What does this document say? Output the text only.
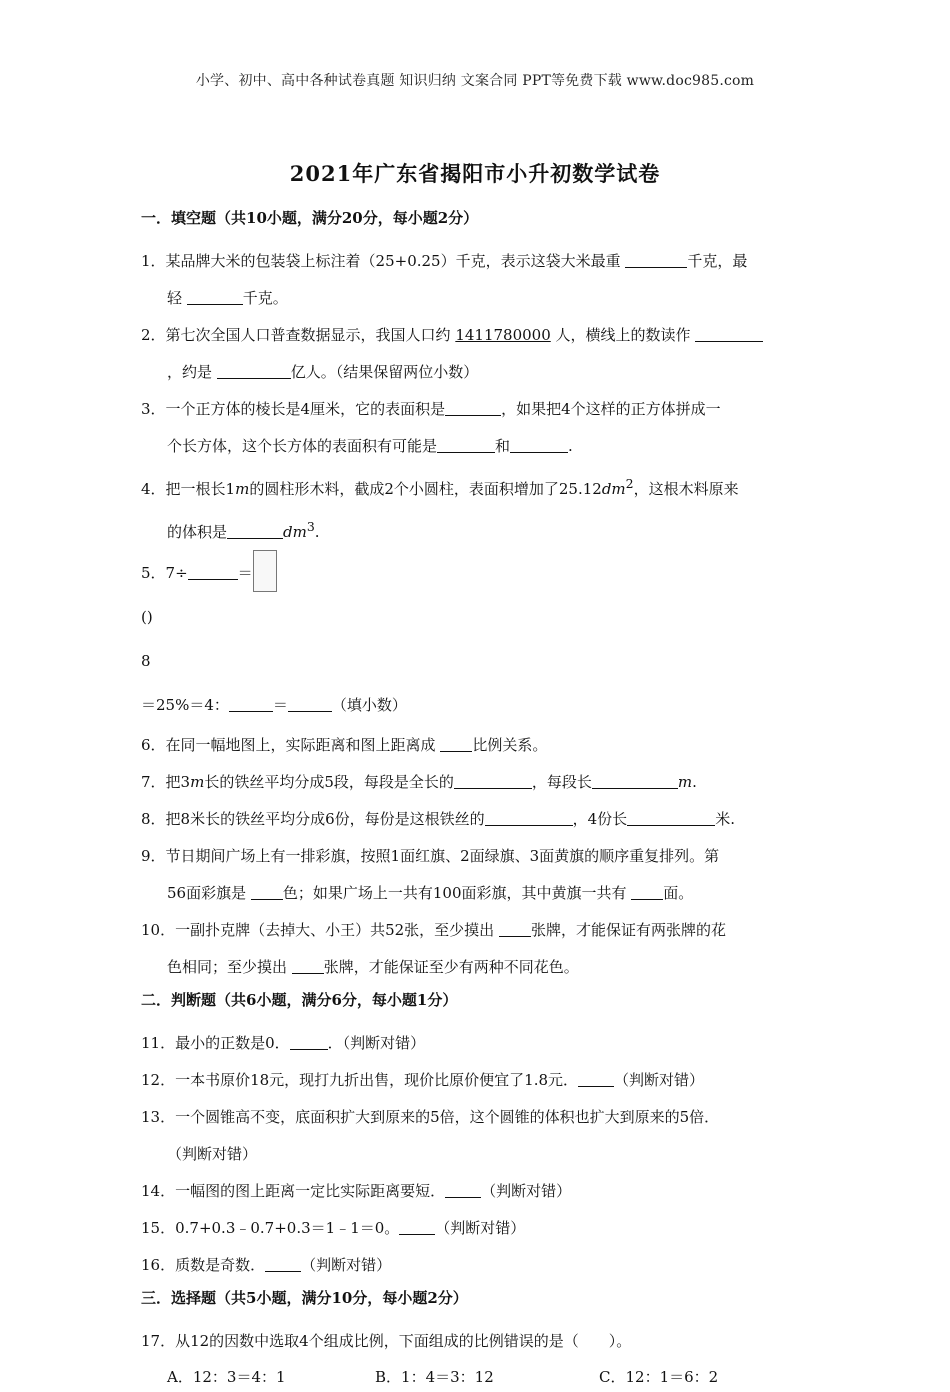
小学、初中、高中各种试卷真题 知识归纳 文案合同 PPT等免费下载 www.doc985.com
2021年广东省揭阳市小升初数学试卷
一．填空题（共10小题，满分20分，每小题2分）

1．某品牌大米的包装袋上标注着（25+0.25）千克，表示这袋大米最重	千克，最

轻	千克。

2．第七次全国人口普查数据显示，我国人口约 1411780000 人，横线上的数读作

，约是	亿人。（结果保留两位小数）

3．一个正方体的棱长是4厘米，它的表面积是	，如果把4个这样的正方体拼成一

个长方体，这个长方体的表面积有可能是	和	.

4．把一根长1m的圆柱形木料，截成2个小圆柱，表面积增加了$25.12dm^2$，这根木料原来

的体积是	$dm^3$.

5．7÷	＝

()
8
＝25%＝4：	＝	（填小数）

6．在同一幅地图上，实际距离和图上距离成 比例关系。

7．把3m长的铁丝平均分成5段，每段是全长的	，每段长	m.

8．把8米长的铁丝平均分成6份，每份是这根铁丝的	，4份长	米.

9．节日期间广场上有一排彩旗，按照1面红旗、2面绿旗、3面黄旗的顺序重复排列。第

56面彩旗是 色；如果广场上一共有100面彩旗，其中黄旗一共有 面。

10．一副扑克牌（去掉大、小王）共52张，至少摸出 张牌，才能保证有两张牌的花

色相同；至少摸出 张牌，才能保证至少有两种不同花色。

二．判断题（共6小题，满分6分，每小题1分）

11．最小的正数是0．	．（判断对错）

12．一本书原价18元，现打九折出售，现价比原价便宜了1.8元． （判断对错）

13．一个圆锥高不变，底面积扩大到原来的5倍，这个圆锥的体积也扩大到原来的5倍．

（判断对错）

14．一幅图的图上距离一定比实际距离要短． （判断对错）

15．0.7+0.3﹣0.7+0.3＝1﹣1＝0。 （判断对错）

16．质数是奇数． （判断对错）

三．选择题（共5小题，满分10分，每小题2分）

17．从12的因数中选取4个组成比例，下面组成的比例错误的是（　　）。

A．12：3＝4：1	B．1：4＝3：12	C．12：1＝6：2
